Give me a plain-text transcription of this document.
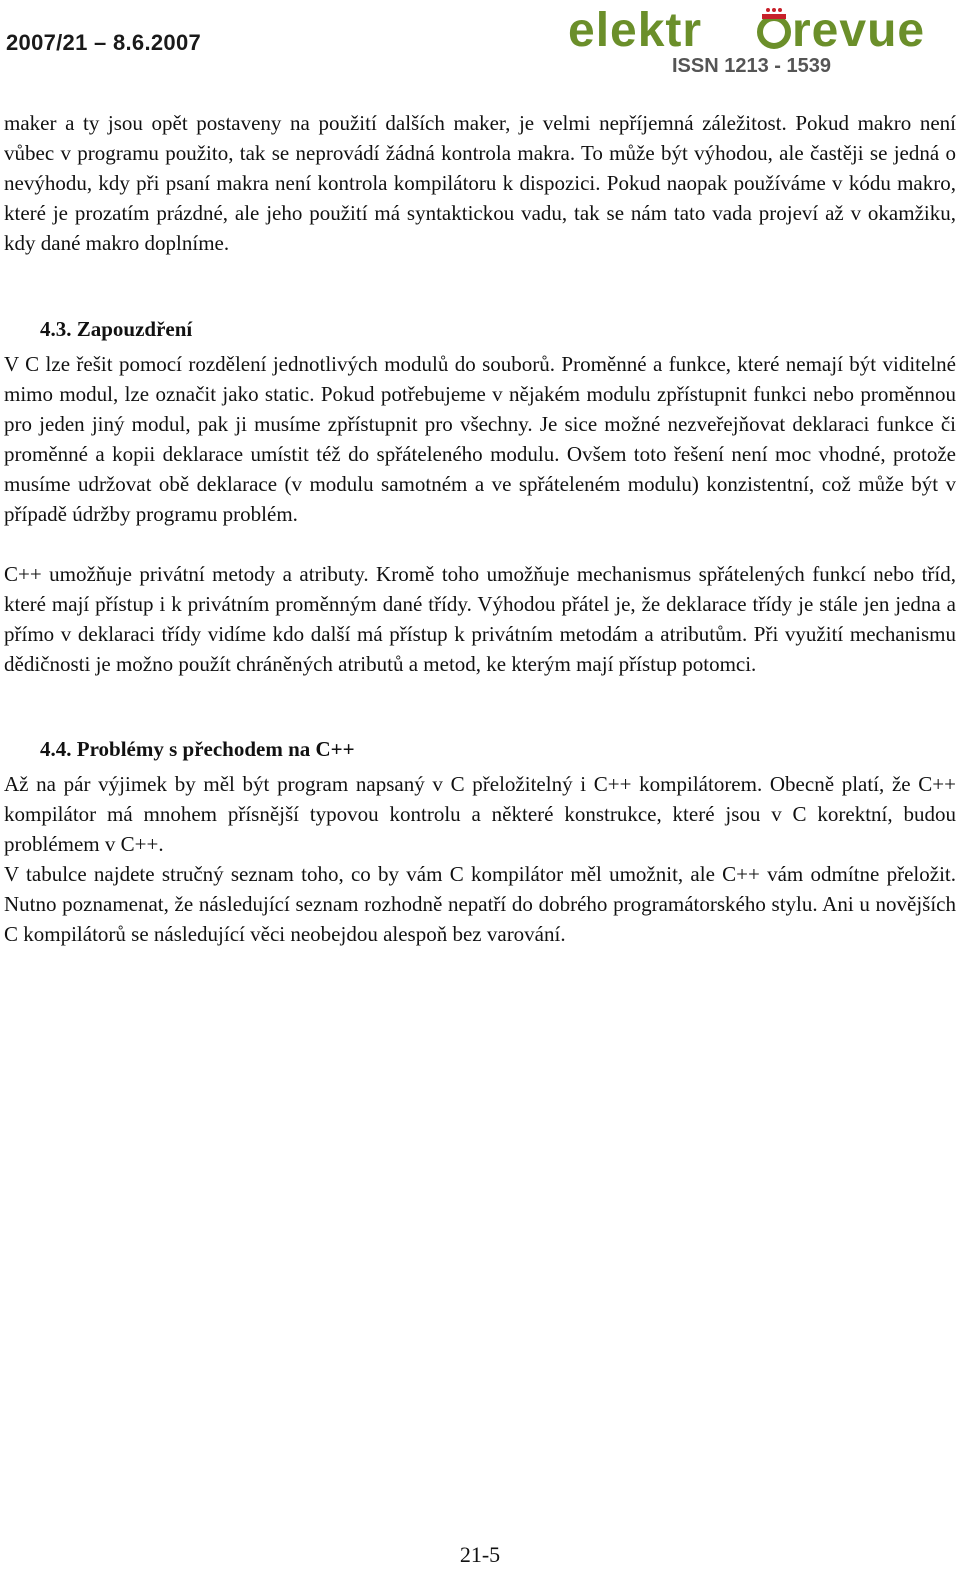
2007/21 – 8.6.2007	elektr revue
ISSN 1213 - 1539

maker a ty jsou opět postaveny na použití dalších maker, je velmi nepříjemná záležitost. Pokud makro není vůbec v programu použito, tak se neprovádí žádná kontrola makra. To může být výhodou, ale častěji se jedná o nevýhodu, kdy při psaní makra není kontrola kompilátoru k dispozici. Pokud naopak používáme v kódu makro, které je prozatím prázdné, ale jeho použití má syntaktickou vadu, tak se nám tato vada projeví až v okamžiku, kdy dané makro doplníme.

4.3. Zapouzdření

V C lze řešit pomocí rozdělení jednotlivých modulů do souborů. Proměnné a funkce, které nemají být viditelné mimo modul, lze označit jako static. Pokud potřebujeme v nějakém modulu zpřístupnit funkci nebo proměnnou pro jeden jiný modul, pak ji musíme zpřístupnit pro všechny. Je sice možné nezveřejňovat deklaraci funkce či proměnné a kopii deklarace umístit též do spřáteleného modulu. Ovšem toto řešení není moc vhodné, protože musíme udržovat obě deklarace (v modulu samotném a ve spřáteleném modulu) konzistentní, což může být v případě údržby programu problém.

C++ umožňuje privátní metody a atributy. Kromě toho umožňuje mechanismus spřátelených funkcí nebo tříd, které mají přístup i k privátním proměnným dané třídy. Výhodou přátel je, že deklarace třídy je stále jen jedna a přímo v deklaraci třídy vidíme kdo další má přístup k privátním metodám a atributům. Při využití mechanismu dědičnosti je možno použít chráněných atributů a metod, ke kterým mají přístup potomci.

4.4. Problémy s přechodem na C++

Až na pár výjimek by měl být program napsaný v C přeložitelný i C++ kompilátorem. Obecně platí, že C++ kompilátor má mnohem přísnější typovou kontrolu a některé konstrukce, které jsou v C korektní, budou problémem v C++.

V tabulce najdete stručný seznam toho, co by vám C kompilátor měl umožnit, ale C++ vám odmítne přeložit. Nutno poznamenat, že následující seznam rozhodně nepatří do dobrého programátorského stylu. Ani u novějších C kompilátorů se následující věci neobejdou alespoň bez varování.

21-5
